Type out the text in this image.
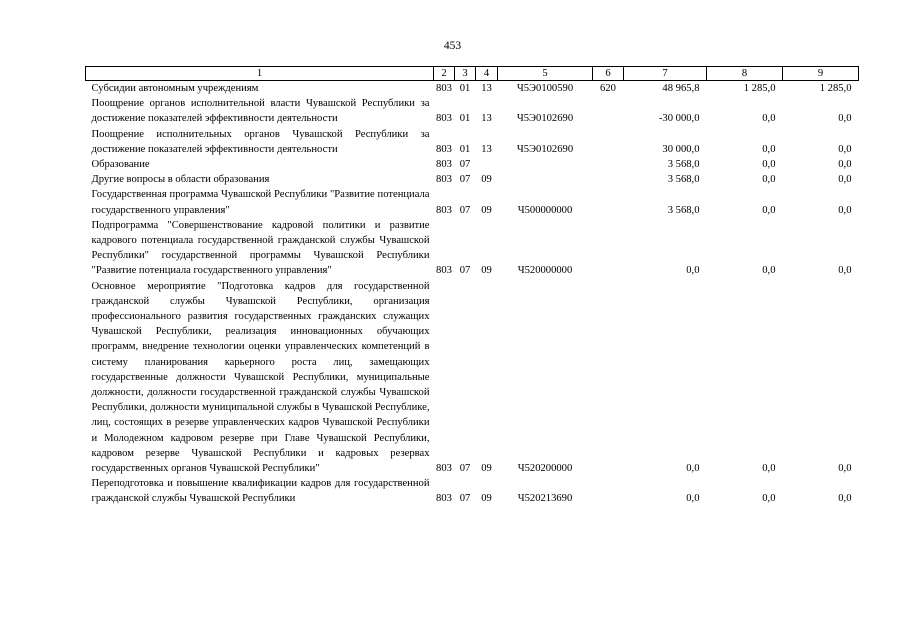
453
1	2	3	4	5	6	7	8	9
Субсидии автономным учреждениям	803	01	13	Ч5Э0100590	620	48 965,8	1 285,0	1 285,0
Поощрение органов исполнительной власти Чувашской Республики за достижение показателей эффективности деятельности	803	01	13	Ч5Э0102690		-30 000,0	0,0	0,0
Поощрение исполнительных органов Чувашской Республики за достижение показателей эффективности деятельности	803	01	13	Ч5Э0102690		30 000,0	0,0	0,0
Образование	803	07				3 568,0	0,0	0,0
Другие вопросы в области образования	803	07	09			3 568,0	0,0	0,0
Государственная программа Чувашской Республики "Развитие потенциала государственного управления"	803	07	09	Ч500000000		3 568,0	0,0	0,0
Подпрограмма "Совершенствование кадровой политики и развитие кадрового потенциала государственной гражданской службы Чувашской Республики" государственной программы Чувашской Республики "Развитие потенциала государственного управления"	803	07	09	Ч520000000		0,0	0,0	0,0
Основное мероприятие "Подготовка кадров для государственной гражданской службы Чувашской Республики, организация профессионального развития государственных гражданских служащих Чувашской Республики, реализация инновационных обучающих программ, внедрение технологии оценки управленческих компетенций в систему планирования карьерного роста лиц, замещающих государственные должности Чувашской Республики, муниципальные должности, должности государственной гражданской службы Чувашской Республики, должности муниципальной службы в Чувашской Республике, лиц, состоящих в резерве управленческих кадров Чувашской Республики и Молодежном кадровом резерве при Главе Чувашской Республики, кадровом резерве Чувашской Республики и кадровых резервах государственных органов Чувашской Республики"	803	07	09	Ч520200000		0,0	0,0	0,0
Переподготовка и повышение квалификации кадров для государственной гражданской службы Чувашской Республики	803	07	09	Ч520213690		0,0	0,0	0,0
